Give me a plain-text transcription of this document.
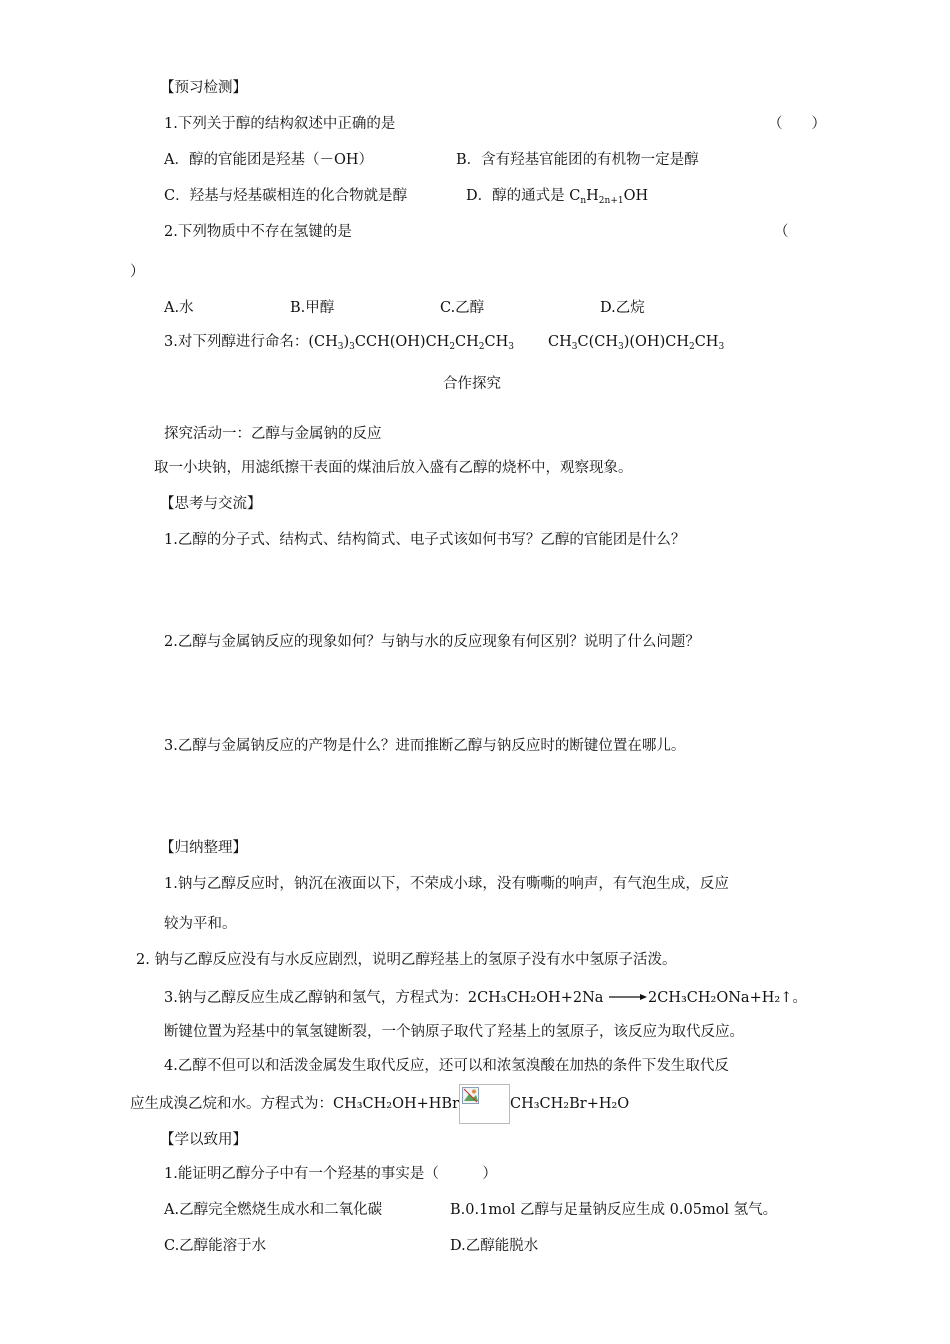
【预习检测】
1.下列关于醇的结构叙述中正确的是	（　　）
A．醇的官能团是羟基（－OH）	B．含有羟基官能团的有机物一定是醇
C．羟基与烃基碳相连的化合物就是醇	D．醇的通式是 $C_nH_{2n+1}OH$
2.下列物质中不存在氢键的是	（
）
A.水	B.甲醇	C.乙醇	D.乙烷
3.对下列醇进行命名：$(CH_3)_3CCH(OH)CH_2CH_2CH_3$ $CH_3C(CH_3)(OH)CH_2CH_3$
合作探究
探究活动一：乙醇与金属钠的反应
取一小块钠，用滤纸擦干表面的煤油后放入盛有乙醇的烧杯中，观察现象。
【思考与交流】
1.乙醇的分子式、结构式、结构简式、电子式该如何书写？乙醇的官能团是什么？
2.乙醇与金属钠反应的现象如何？与钠与水的反应现象有何区别？说明了什么问题？
3.乙醇与金属钠反应的产物是什么？进而推断乙醇与钠反应时的断键位置在哪儿。
【归纳整理】
1.钠与乙醇反应时，钠沉在液面以下，不荣成小球，没有嘶嘶的响声，有气泡生成，反应
较为平和。
2. 钠与乙醇反应没有与水反应剧烈，说明乙醇羟基上的氢原子没有水中氢原子活泼。
3.钠与乙醇反应生成乙醇钠和氢气，方程式为：2CH₃CH₂OH+2Na →2CH₃CH₂ONa+H₂↑。
断键位置为羟基中的氧氢键断裂，一个钠原子取代了羟基上的氢原子，该反应为取代反应。
4.乙醇不但可以和活泼金属发生取代反应，还可以和浓氢溴酸在加热的条件下发生取代反
应生成溴乙烷和水。方程式为：CH₃CH₂OH+HBr	CH₃CH₂Br+H₂O
【学以致用】
1.能证明乙醇分子中有一个羟基的事实是（　　　）
A.乙醇完全燃烧生成水和二氧化碳	B.0.1mol 乙醇与足量钠反应生成 0.05mol 氢气。
C.乙醇能溶于水	D.乙醇能脱水
